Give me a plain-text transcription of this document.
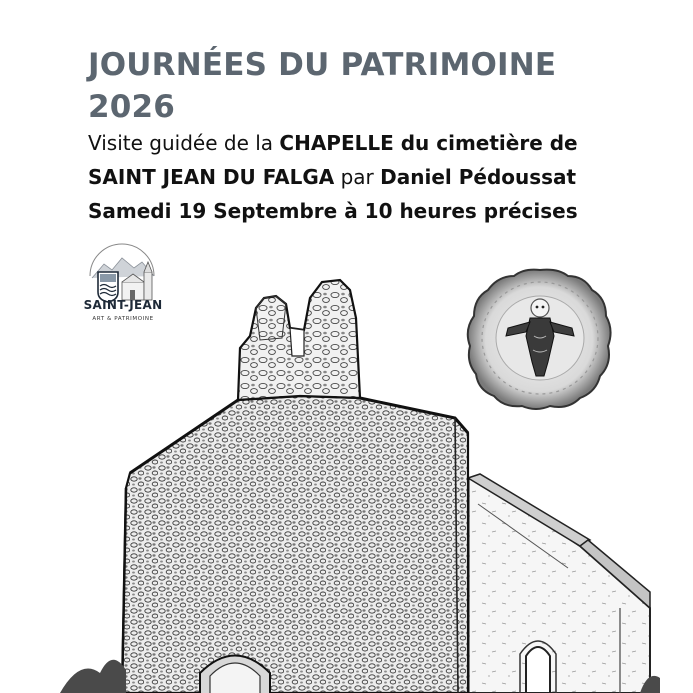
JOURNÉES DU PATRIMOINE
2026

Visite guidée de la CHAPELLE du cimetière de
SAINT JEAN DU FALGA par Daniel Pédoussat
Samedi 19 Septembre à 10 heures précises

SAINT-JEAN
ART & PATRIMOINE
